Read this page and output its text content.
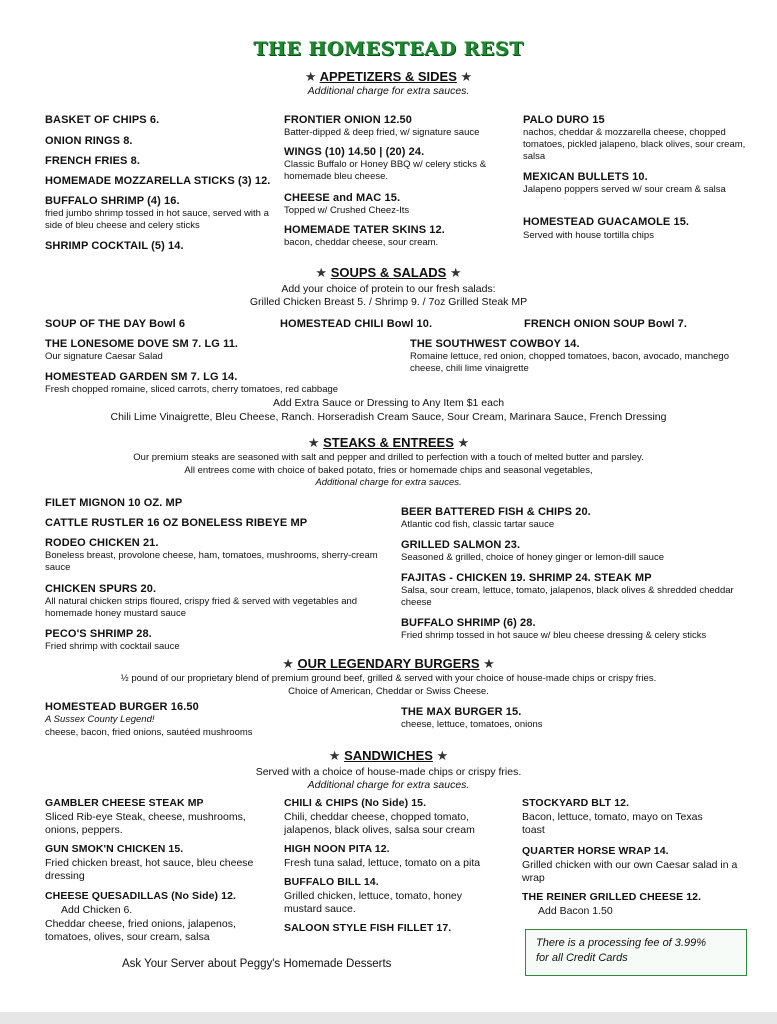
THE HOMESTEAD REST
★ APPETIZERS & SIDES ★
Additional charge for extra sauces.
BASKET OF CHIPS 6.
ONION RINGS 8.
FRENCH FRIES 8.
HOMEMADE MOZZARELLA STICKS (3) 12.
BUFFALO SHRIMP (4) 16.
fried jumbo shrimp tossed in hot sauce, served with a side of bleu cheese and celery sticks
SHRIMP COCKTAIL (5) 14.
FRONTIER ONION 12.50
Batter-dipped & deep fried, w/ signature sauce
WINGS (10) 14.50 | (20) 24.
Classic Buffalo or Honey BBQ w/ celery sticks & homemade bleu cheese.
CHEESE and MAC 15.
Topped w/ Crushed Cheez-Its
HOMEMADE TATER SKINS 12.
bacon, cheddar cheese, sour cream.
PALO DURO 15
nachos, cheddar & mozzarella cheese, chopped tomatoes, pickled jalapeno, black olives, sour cream, salsa
MEXICAN BULLETS 10.
Jalapeno poppers served w/ sour cream & salsa
HOMESTEAD GUACAMOLE 15.
Served with house tortilla chips
★ SOUPS & SALADS ★
Add your choice of protein to our fresh salads:
Grilled Chicken Breast 5. / Shrimp 9. / 7oz Grilled Steak MP
SOUP OF THE DAY Bowl 6	HOMESTEAD CHILI Bowl 10.	FRENCH ONION SOUP Bowl 7.
THE LONESOME DOVE SM 7. LG 11.
Our signature Caesar Salad
HOMESTEAD GARDEN SM 7. LG 14.
Fresh chopped romaine, sliced carrots, cherry tomatoes, red cabbage
THE SOUTHWEST COWBOY 14.
Romaine lettuce, red onion, chopped tomatoes, bacon, avocado, manchego cheese, chili lime vinaigrette
Add Extra Sauce or Dressing to Any Item $1 each
Chili Lime Vinaigrette, Bleu Cheese, Ranch. Horseradish Cream Sauce, Sour Cream, Marinara Sauce, French Dressing
★ STEAKS & ENTREES ★
Our premium steaks are seasoned with salt and pepper and drilled to perfection with a touch of melted butter and parsley.
All entrees come with choice of baked potato, fries or homemade chips and seasonal vegetables,
Additional charge for extra sauces.
FILET MIGNON 10 OZ. MP
CATTLE RUSTLER 16 OZ BONELESS RIBEYE MP
RODEO CHICKEN 21.
Boneless breast, provolone cheese, ham, tomatoes, mushrooms, sherry-cream sauce
CHICKEN SPURS 20.
All natural chicken strips floured, crispy fried & served with vegetables and homemade honey mustard sauce
PECO'S SHRIMP 28.
Fried shrimp with cocktail sauce
BEER BATTERED FISH & CHIPS 20.
Atlantic cod fish, classic tartar sauce
GRILLED SALMON 23.
Seasoned & grilled, choice of honey ginger or lemon-dill sauce
FAJITAS - CHICKEN 19. SHRIMP 24. STEAK MP
Salsa, sour cream, lettuce, tomato, jalapenos, black olives & shredded cheddar cheese
BUFFALO SHRIMP (6) 28.
Fried shrimp tossed in hot sauce w/ bleu cheese dressing & celery sticks
★ OUR LEGENDARY BURGERS ★
½ pound of our proprietary blend of premium ground beef, grilled & served with your choice of house-made chips or crispy fries.
Choice of American, Cheddar or Swiss Cheese.
HOMESTEAD BURGER 16.50
A Sussex County Legend!
cheese, bacon, fried onions, sautéed mushrooms
THE MAX BURGER 15.
cheese, lettuce, tomatoes, onions
★ SANDWICHES ★
Served with a choice of house-made chips or crispy fries.
Additional charge for extra sauces.
GAMBLER CHEESE STEAK MP
Sliced Rib-eye Steak, cheese, mushrooms, onions, peppers.
GUN SMOK'N CHICKEN 15.
Fried chicken breast, hot sauce, bleu cheese dressing
CHEESE QUESADILLAS (No Side) 12.
Add Chicken 6.
Cheddar cheese, fried onions, jalapenos, tomatoes, olives, sour cream, salsa
CHILI & CHIPS (No Side) 15.
Chili, cheddar cheese, chopped tomato, jalapenos, black olives, salsa sour cream
HIGH NOON PITA 12.
Fresh tuna salad, lettuce, tomato on a pita
BUFFALO BILL 14.
Grilled chicken, lettuce, tomato, honey mustard sauce.
SALOON STYLE FISH FILLET 17.
STOCKYARD BLT 12.
Bacon, lettuce, tomato, mayo on Texas toast
QUARTER HORSE WRAP 14.
Grilled chicken with our own Caesar salad in a wrap
THE REINER GRILLED CHEESE 12.
Add Bacon 1.50
Ask Your Server about Peggy's Homemade Desserts
There is a processing fee of 3.99%
for all Credit Cards
